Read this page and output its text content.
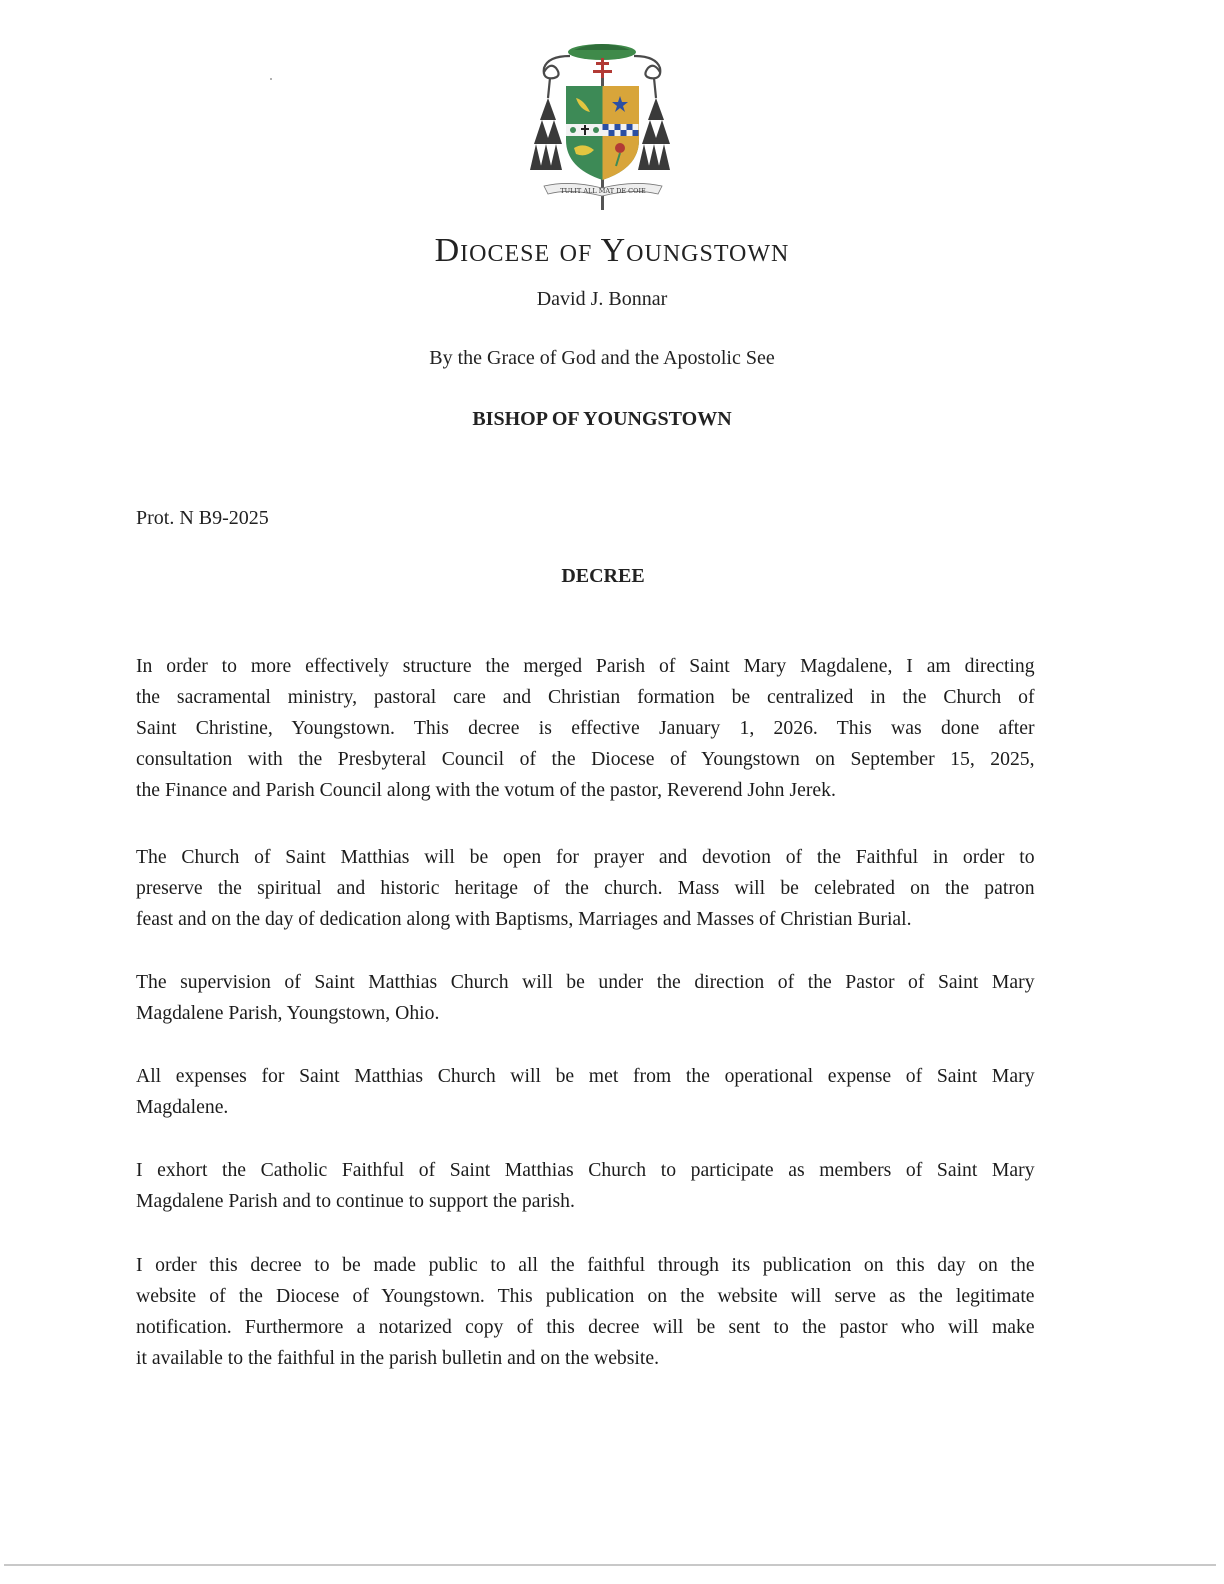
TULIT ALL MAT DE COIE
Diocese of Youngstown
David J. Bonnar
By the Grace of God and the Apostolic See
BISHOP OF YOUNGSTOWN
Prot. N B9-2025
DECREE
In order to more effectively structure the merged Parish of Saint Mary Magdalene, I am directing
the sacramental ministry, pastoral care and Christian formation be centralized in the Church of
Saint Christine, Youngstown. This decree is effective January 1, 2026. This was done after
consultation with the Presbyteral Council of the Diocese of Youngstown on September 15, 2025,
the Finance and Parish Council along with the votum of the pastor, Reverend John Jerek.
The Church of Saint Matthias will be open for prayer and devotion of the Faithful in order to
preserve the spiritual and historic heritage of the church. Mass will be celebrated on the patron
feast and on the day of dedication along with Baptisms, Marriages and Masses of Christian Burial.
The supervision of Saint Matthias Church will be under the direction of the Pastor of Saint Mary
Magdalene Parish, Youngstown, Ohio.
All expenses for Saint Matthias Church will be met from the operational expense of Saint Mary
Magdalene.
I exhort the Catholic Faithful of Saint Matthias Church to participate as members of Saint Mary
Magdalene Parish and to continue to support the parish.
I order this decree to be made public to all the faithful through its publication on this day on the
website of the Diocese of Youngstown. This publication on the website will serve as the legitimate
notification. Furthermore a notarized copy of this decree will be sent to the pastor who will make
it available to the faithful in the parish bulletin and on the website.
